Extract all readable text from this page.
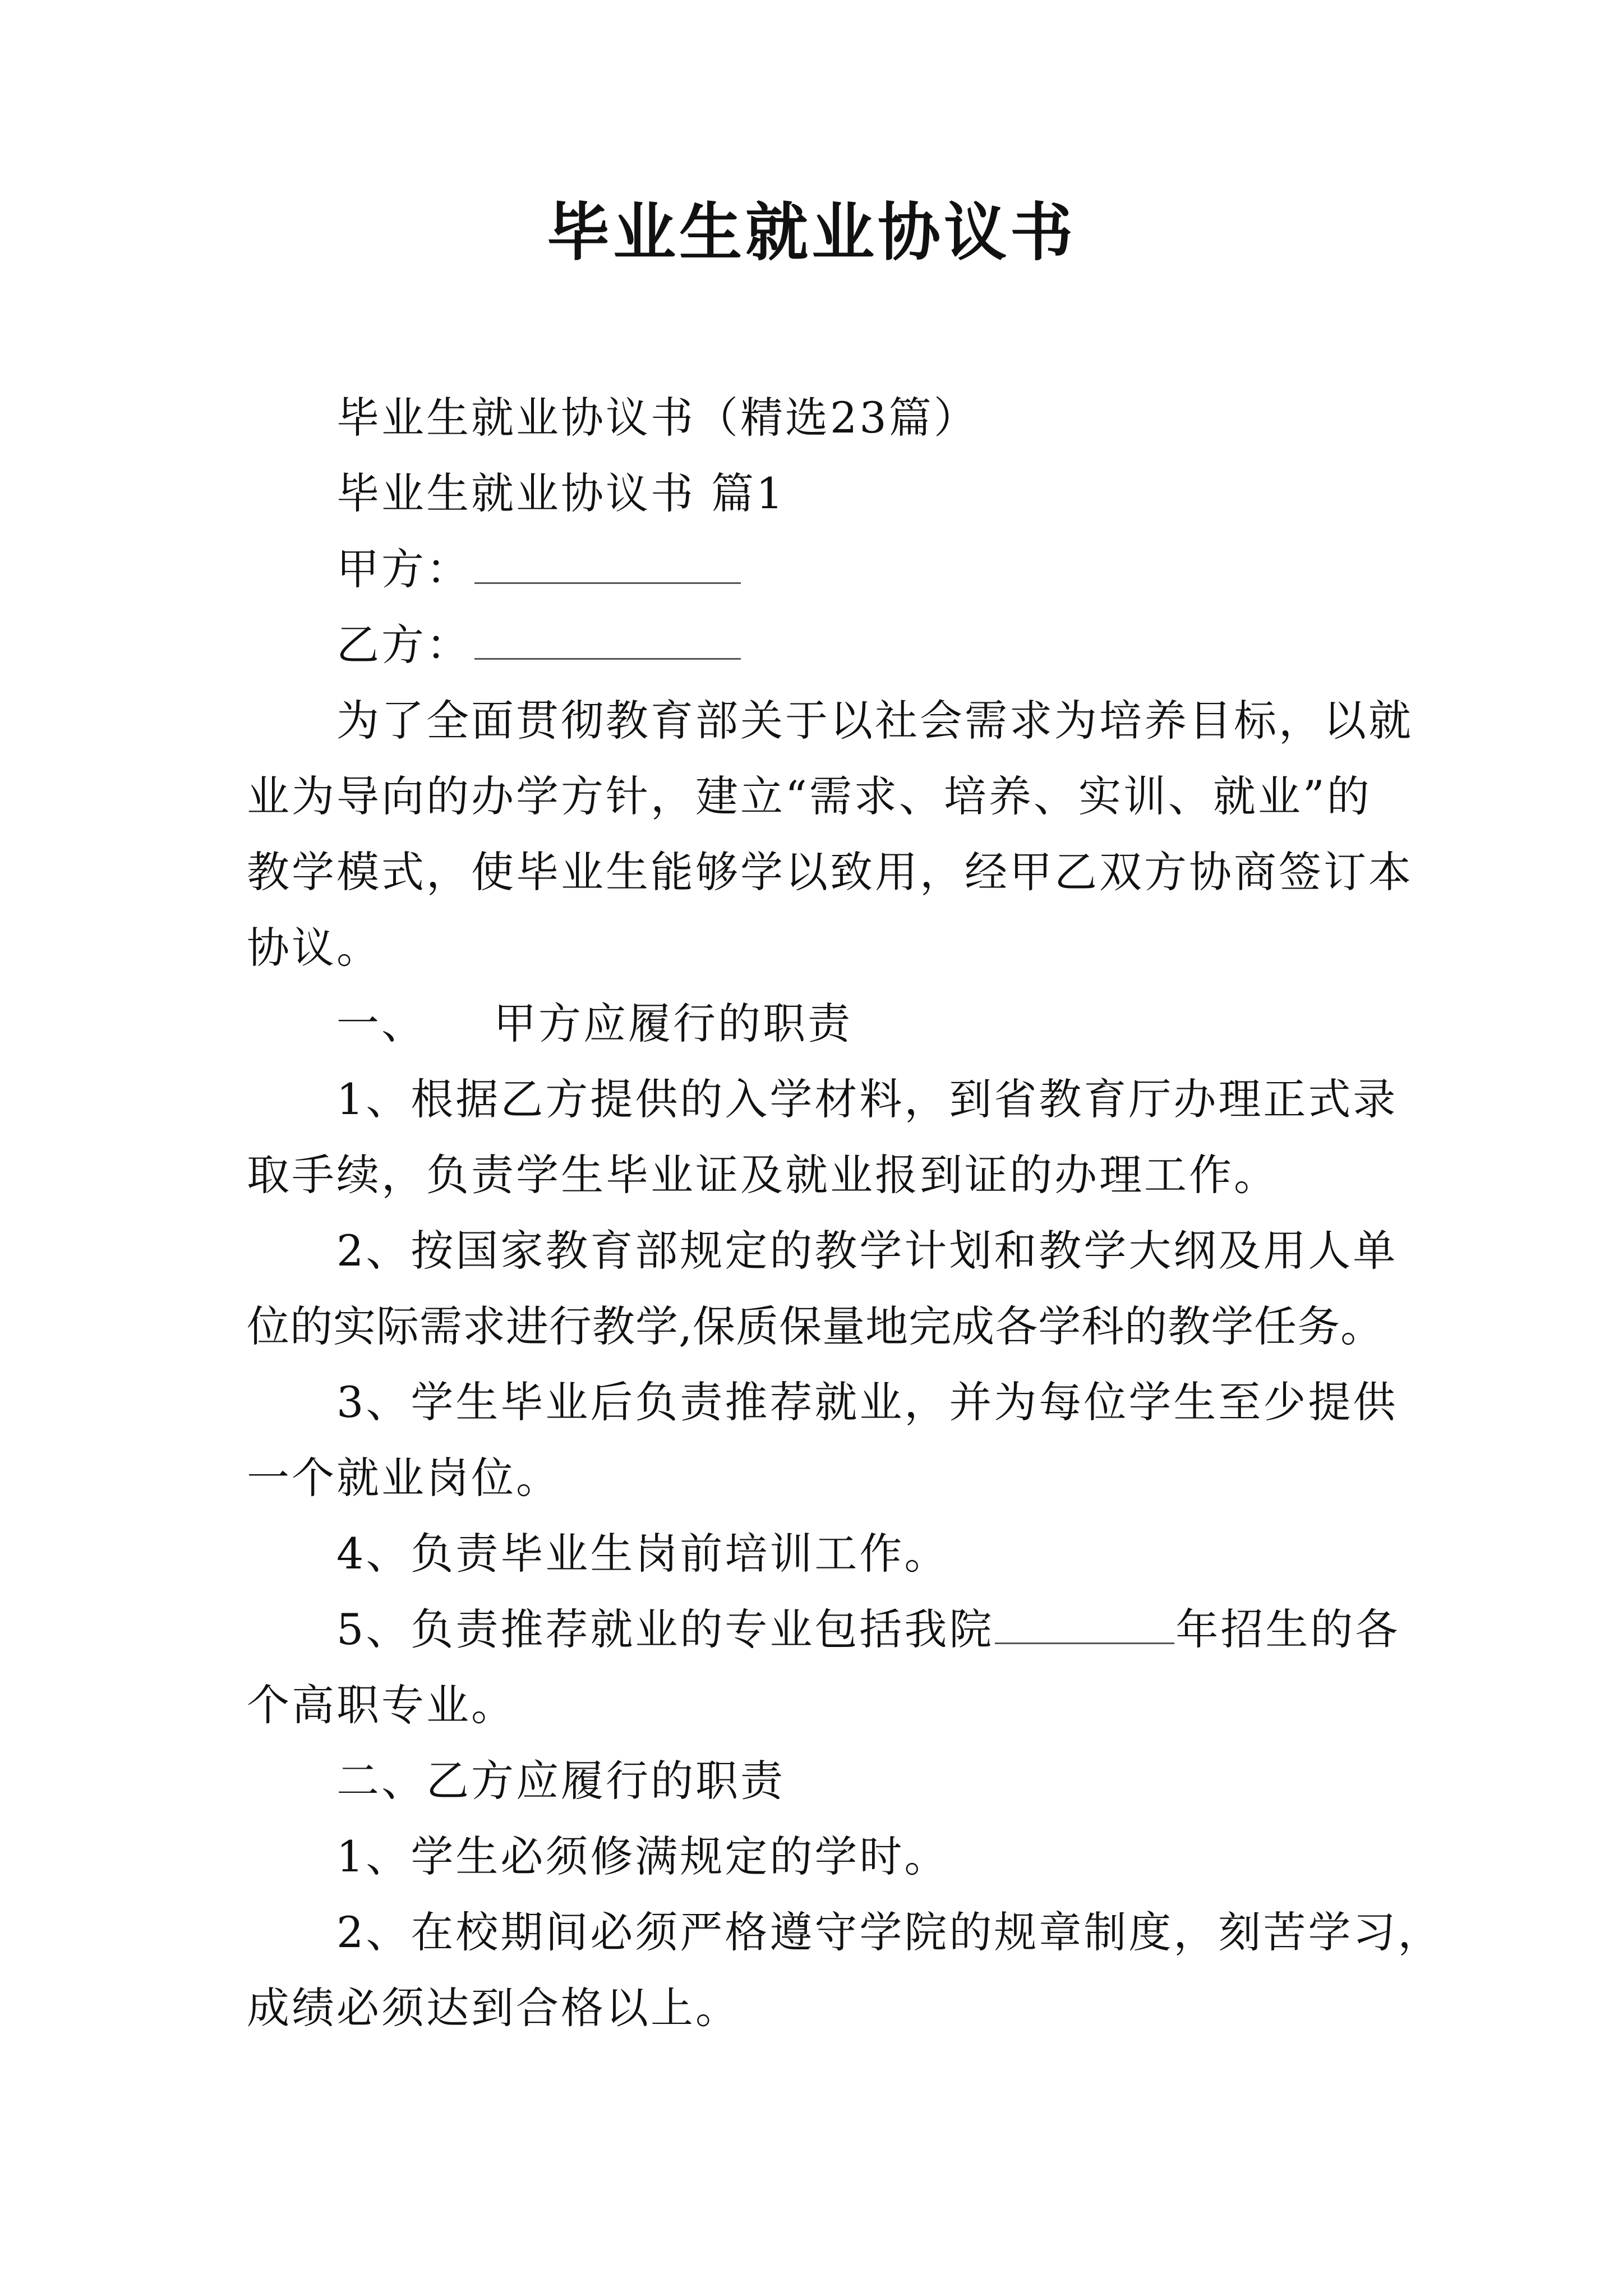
毕业生就业协议书
毕业生就业协议书（精选23篇）
毕业生就业协议书 篇1
甲方：
乙方：
为了全面贯彻教育部关于以社会需求为培养目标，以就
业为导向的办学方针，建立“需求、培养、实训、就业”的
教学模式，使毕业生能够学以致用，经甲乙双方协商签订本
协议。
一、 甲方应履行的职责
1、根据乙方提供的入学材料，到省教育厅办理正式录
取手续，负责学生毕业证及就业报到证的办理工作。
2、按国家教育部规定的教学计划和教学大纲及用人单
位的实际需求进行教学,保质保量地完成各学科的教学任务。
3、学生毕业后负责推荐就业，并为每位学生至少提供
一个就业岗位。
4、负责毕业生岗前培训工作。
5、负责推荐就业的专业包括我院	年招生的各
个高职专业。
二、乙方应履行的职责
1、学生必须修满规定的学时。
2、在校期间必须严格遵守学院的规章制度，刻苦学习，
成绩必须达到合格以上。
